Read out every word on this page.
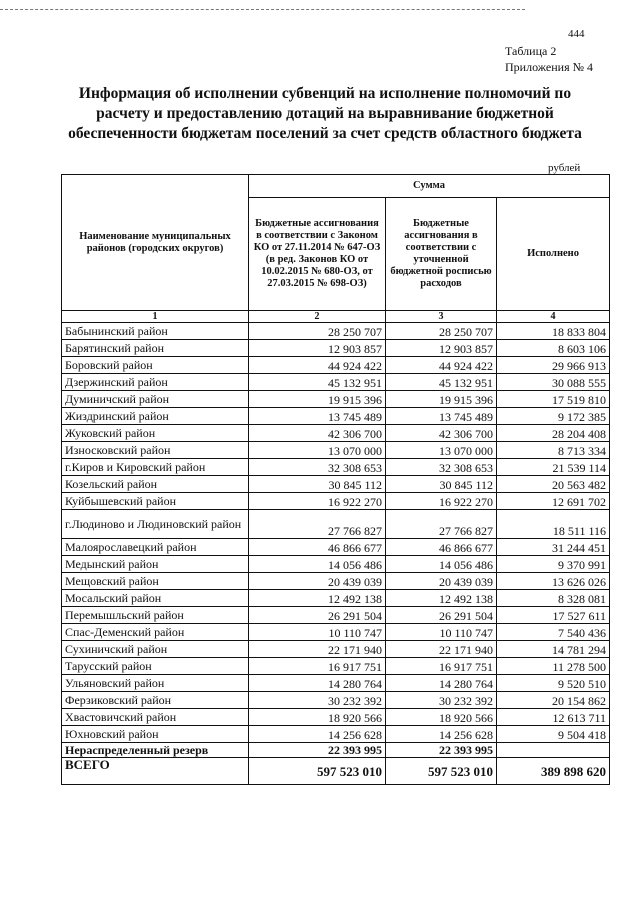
444
Таблица 2
Приложения № 4
Информация об исполнении субвенций на исполнение полномочий по расчету и предоставлению дотаций на выравнивание бюджетной обеспеченности бюджетам поселений за счет средств областного бюджета
рублей
Наименование муниципальных районов (городских округов)	Сумма		
	Бюджетные ассигнования в соответствии с Законом КО от 27.11.2014 № 647-ОЗ (в ред. Законов КО от 10.02.2015 № 680-ОЗ, от 27.03.2015 № 698-ОЗ)	Бюджетные ассигнования в соответствии с уточненной бюджетной росписью расходов	Исполнено
1	2	3	4
Бабынинский район	28 250 707	28 250 707	18 833 804
Барятинский район	12 903 857	12 903 857	8 603 106
Боровский район	44 924 422	44 924 422	29 966 913
Дзержинский район	45 132 951	45 132 951	30 088 555
Думиничский район	19 915 396	19 915 396	17 519 810
Жиздринский район	13 745 489	13 745 489	9 172 385
Жуковский район	42 306 700	42 306 700	28 204 408
Износковский район	13 070 000	13 070 000	8 713 334
г.Киров и Кировский район	32 308 653	32 308 653	21 539 114
Козельский район	30 845 112	30 845 112	20 563 482
Куйбышевский район	16 922 270	16 922 270	12 691 702
г.Людиново и Людиновский район	27 766 827	27 766 827	18 511 116
Малоярославецкий район	46 866 677	46 866 677	31 244 451
Медынский район	14 056 486	14 056 486	9 370 991
Мещовский район	20 439 039	20 439 039	13 626 026
Мосальский район	12 492 138	12 492 138	8 328 081
Перемышльский район	26 291 504	26 291 504	17 527 611
Спас-Деменский район	10 110 747	10 110 747	7 540 436
Сухиничский район	22 171 940	22 171 940	14 781 294
Тарусский район	16 917 751	16 917 751	11 278 500
Ульяновский район	14 280 764	14 280 764	9 520 510
Ферзиковский район	30 232 392	30 232 392	20 154 862
Хвастовичский район	18 920 566	18 920 566	12 613 711
Юхновский район	14 256 628	14 256 628	9 504 418
Нераспределенный резерв	22 393 995	22 393 995	
ВСЕГО	597 523 010	597 523 010	389 898 620
